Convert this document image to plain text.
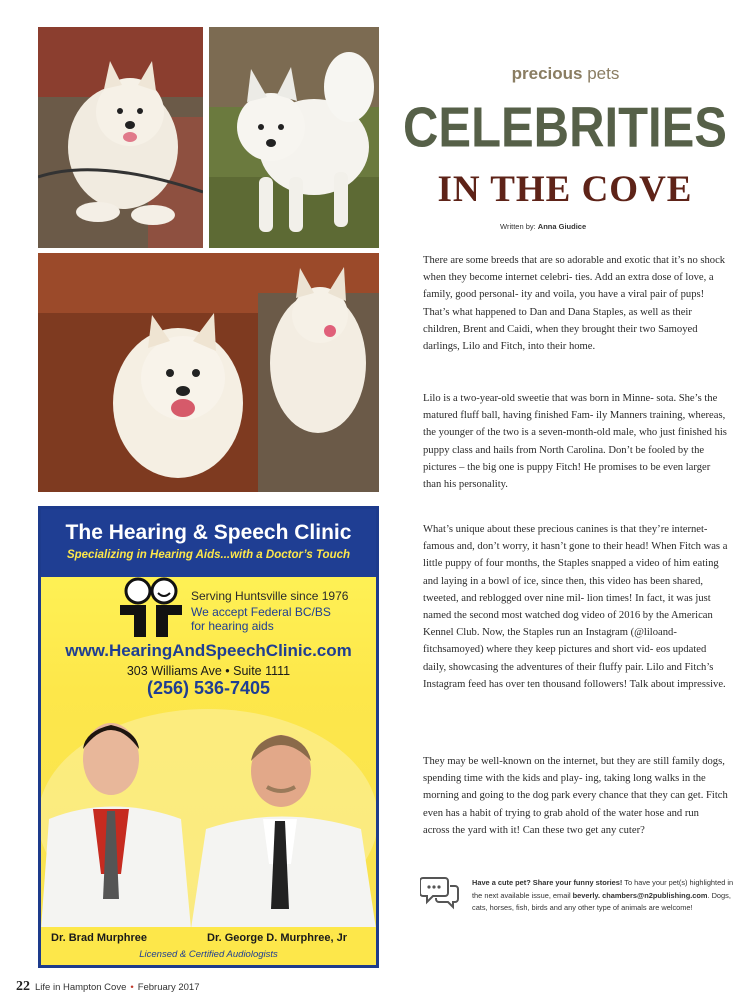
precious pets
CELEBRITIES
IN THE COVE
Written by: Anna Giudice

There are some breeds that are so adorable and exotic that it’s no shock when they become internet celebri- ties. Add an extra dose of love, a family, good personal- ity and voila, you have a viral pair of pups! That’s what happened to Dan and Dana Staples, as well as their children, Brent and Caidi, when they brought their two Samoyed darlings, Lilo and Fitch, into their home.

Lilo is a two-year-old sweetie that was born in Minne- sota. She’s the matured fluff ball, having finished Fam- ily Manners training, whereas, the younger of the two is a seven-month-old male, who just finished his puppy class and hails from North Carolina. Don’t be fooled by the pictures – the big one is puppy Fitch! He promises to be even larger than his personality.

What’s unique about these precious canines is that they’re internet-famous and, don’t worry, it hasn’t gone to their head! When Fitch was a little puppy of four months, the Staples snapped a video of him eating and laying in a bowl of ice, since then, this video has been shared, tweeted, and reblogged over nine mil- lion times! In fact, it was just named the second most watched dog video of 2016 by the American Kennel Club. Now, the Staples run an Instagram (@liloand- fitchsamoyed) where they keep pictures and short vid- eos updated daily, showcasing the adventures of their fluffy pair. Lilo and Fitch’s Instagram feed has over ten thousand followers! Talk about impressive.

They may be well-known on the internet, but they are still family dogs, spending time with the kids and play- ing, taking long walks in the morning and going to the dog park every chance that they can get. Fitch even has a habit of trying to grab ahold of the water hose and run across the yard with it! Can these two get any cuter?

Have a cute pet? Share your funny stories! To have your pet(s) highlighted in the next available issue, email beverly. chambers@n2publishing.com. Dogs, cats, horses, fish, birds and any other type of animals are welcome!
The Hearing & Speech Clinic
Specializing in Hearing Aids...with a Doctor’s Touch
Serving Huntsville since 1976
We accept Federal BC/BS
for hearing aids
www.HearingAndSpeechClinic.com
303 Williams Ave • Suite 1111
(256) 536-7405
Dr. Brad Murphree	Dr. George D. Murphree, Jr
Licensed & Certified Audiologists
22 Life in Hampton Cove • February 2017
